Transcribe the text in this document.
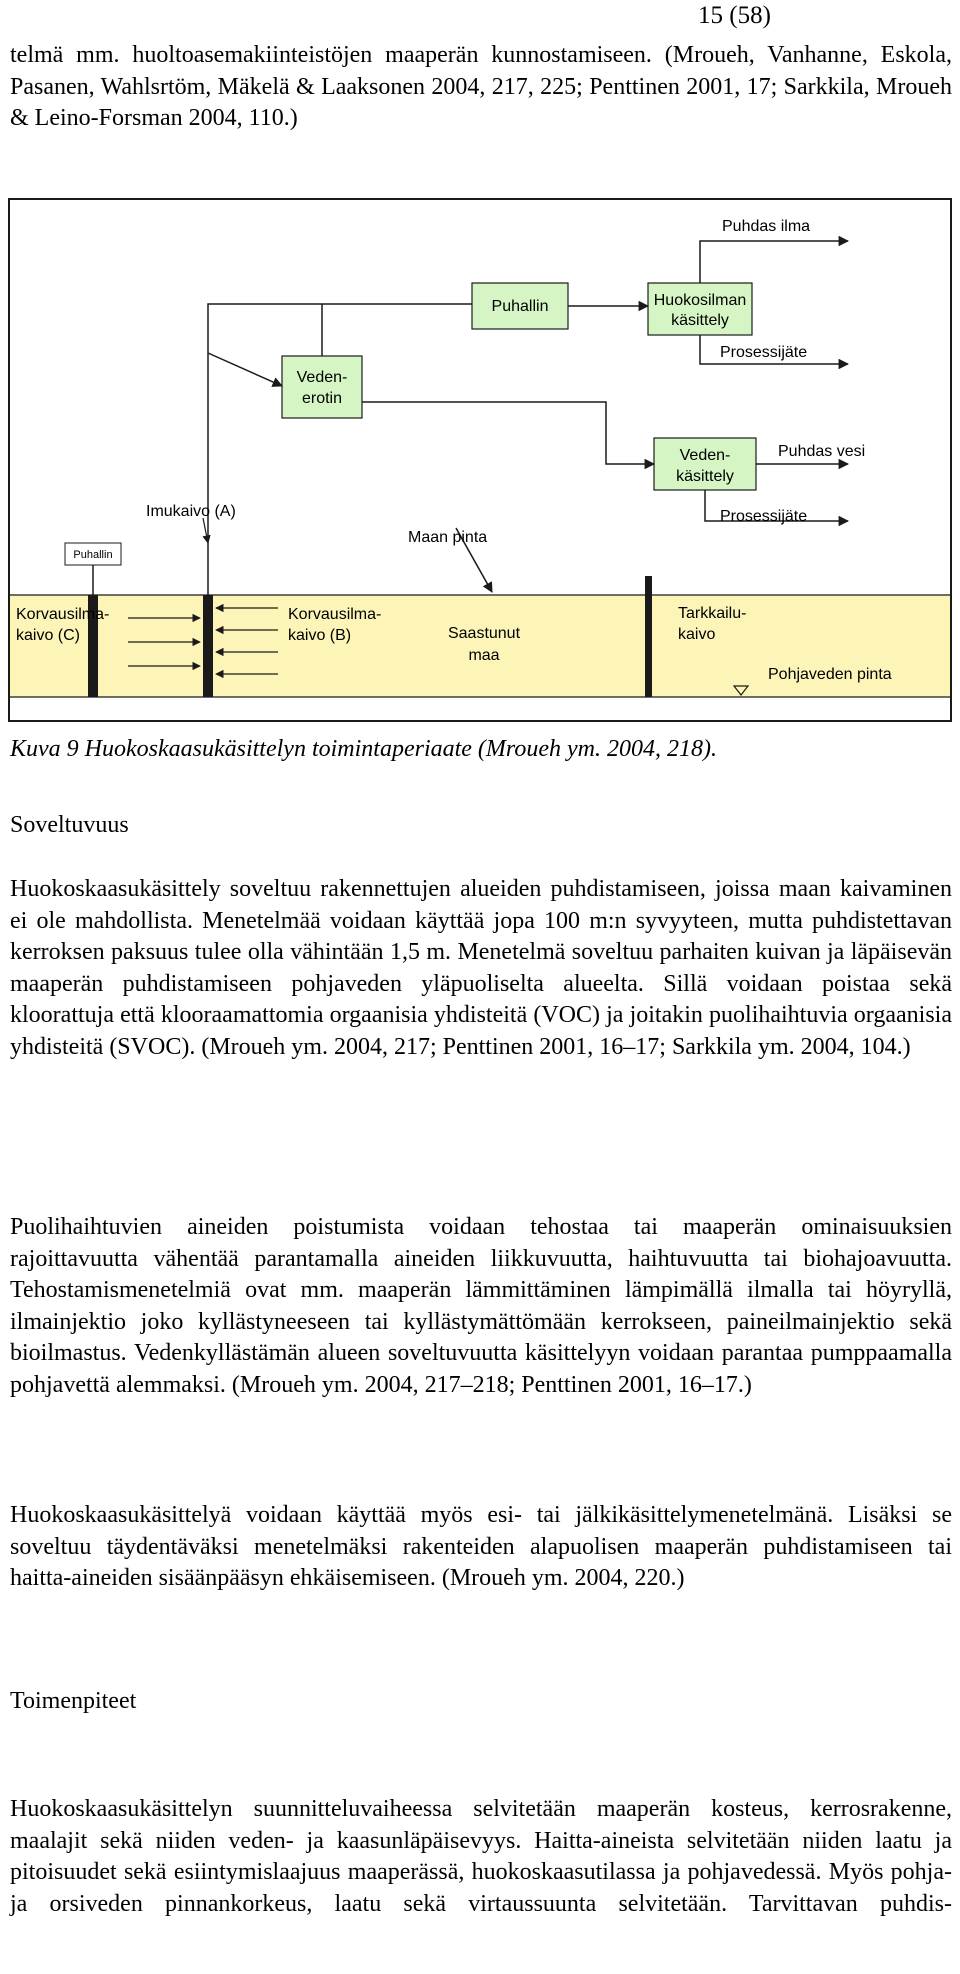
15 (58)

telmä mm. huoltoasemakiinteistöjen maaperän kunnostamiseen. (Mroueh, Vanhanne, Eskola, Pasanen, Wahlsrtöm, Mäkelä & Laaksonen 2004, 217, 225; Penttinen 2001, 17; Sarkkila, Mroueh & Leino-Forsman 2004, 110.)

Puhdas ilma
Puhallin	Huokosilman
käsittely
Prosessijäte
Veden-
erotin
Veden-
käsittely
Puhdas vesi
Prosessijäte
Imukaivo (A)
Maan pinta
Puhallin
Korvausilma-
kaivo (C)
Korvausilma-
kaivo (B)	Saastunut
maa
Tarkkailu-
kaivo
Pohjaveden pinta
Kuva 9 Huokoskaasukäsittelyn toimintaperiaate (Mroueh ym. 2004, 218).
Soveltuvuus

Huokoskaasukäsittely soveltuu rakennettujen alueiden puhdistamiseen, joissa maan kaivaminen ei ole mahdollista. Menetelmää voidaan käyttää jopa 100 m:n syvyyteen, mutta puhdistettavan kerroksen paksuus tulee olla vähintään 1,5 m. Menetelmä soveltuu parhaiten kuivan ja läpäisevän maaperän puhdistamiseen pohjaveden yläpuoliselta alueelta. Sillä voidaan poistaa sekä kloorattuja että klooraamattomia orgaanisia yhdisteitä (VOC) ja joitakin puolihaihtuvia orgaanisia yhdisteitä (SVOC). (Mroueh ym. 2004, 217; Penttinen 2001, 16–17; Sarkkila ym. 2004, 104.)

Puolihaihtuvien aineiden poistumista voidaan tehostaa tai maaperän ominaisuuksien rajoittavuutta vähentää parantamalla aineiden liikkuvuutta, haihtuvuutta tai biohajoavuutta. Tehostamismenetelmiä ovat mm. maaperän lämmittäminen lämpimällä ilmalla tai höyryllä, ilmainjektio joko kyllästyneeseen tai kyllästymättömään kerrokseen, paineilmainjektio sekä bioilmastus. Vedenkyllästämän alueen soveltuvuutta käsittelyyn voidaan parantaa pumppaamalla pohjavettä alemmaksi. (Mroueh ym. 2004, 217–218; Penttinen 2001, 16–17.)

Huokoskaasukäsittelyä voidaan käyttää myös esi- tai jälkikäsittelymenetelmänä. Lisäksi se soveltuu täydentäväksi menetelmäksi rakenteiden alapuolisen maaperän puhdistamiseen tai haitta-aineiden sisäänpääsyn ehkäisemiseen. (Mroueh ym. 2004, 220.)

Toimenpiteet

Huokoskaasukäsittelyn suunnitteluvaiheessa selvitetään maaperän kosteus, kerrosrakenne, maalajit sekä niiden veden- ja kaasunläpäisevyys. Haitta-aineista selvitetään niiden laatu ja pitoisuudet sekä esiintymislaajuus maaperässä, huokoskaasutilassa ja pohjavedessä. Myös pohja- ja orsiveden pinnankorkeus, laatu sekä virtaussuunta selvitetään. Tarvittavan puhdis-
